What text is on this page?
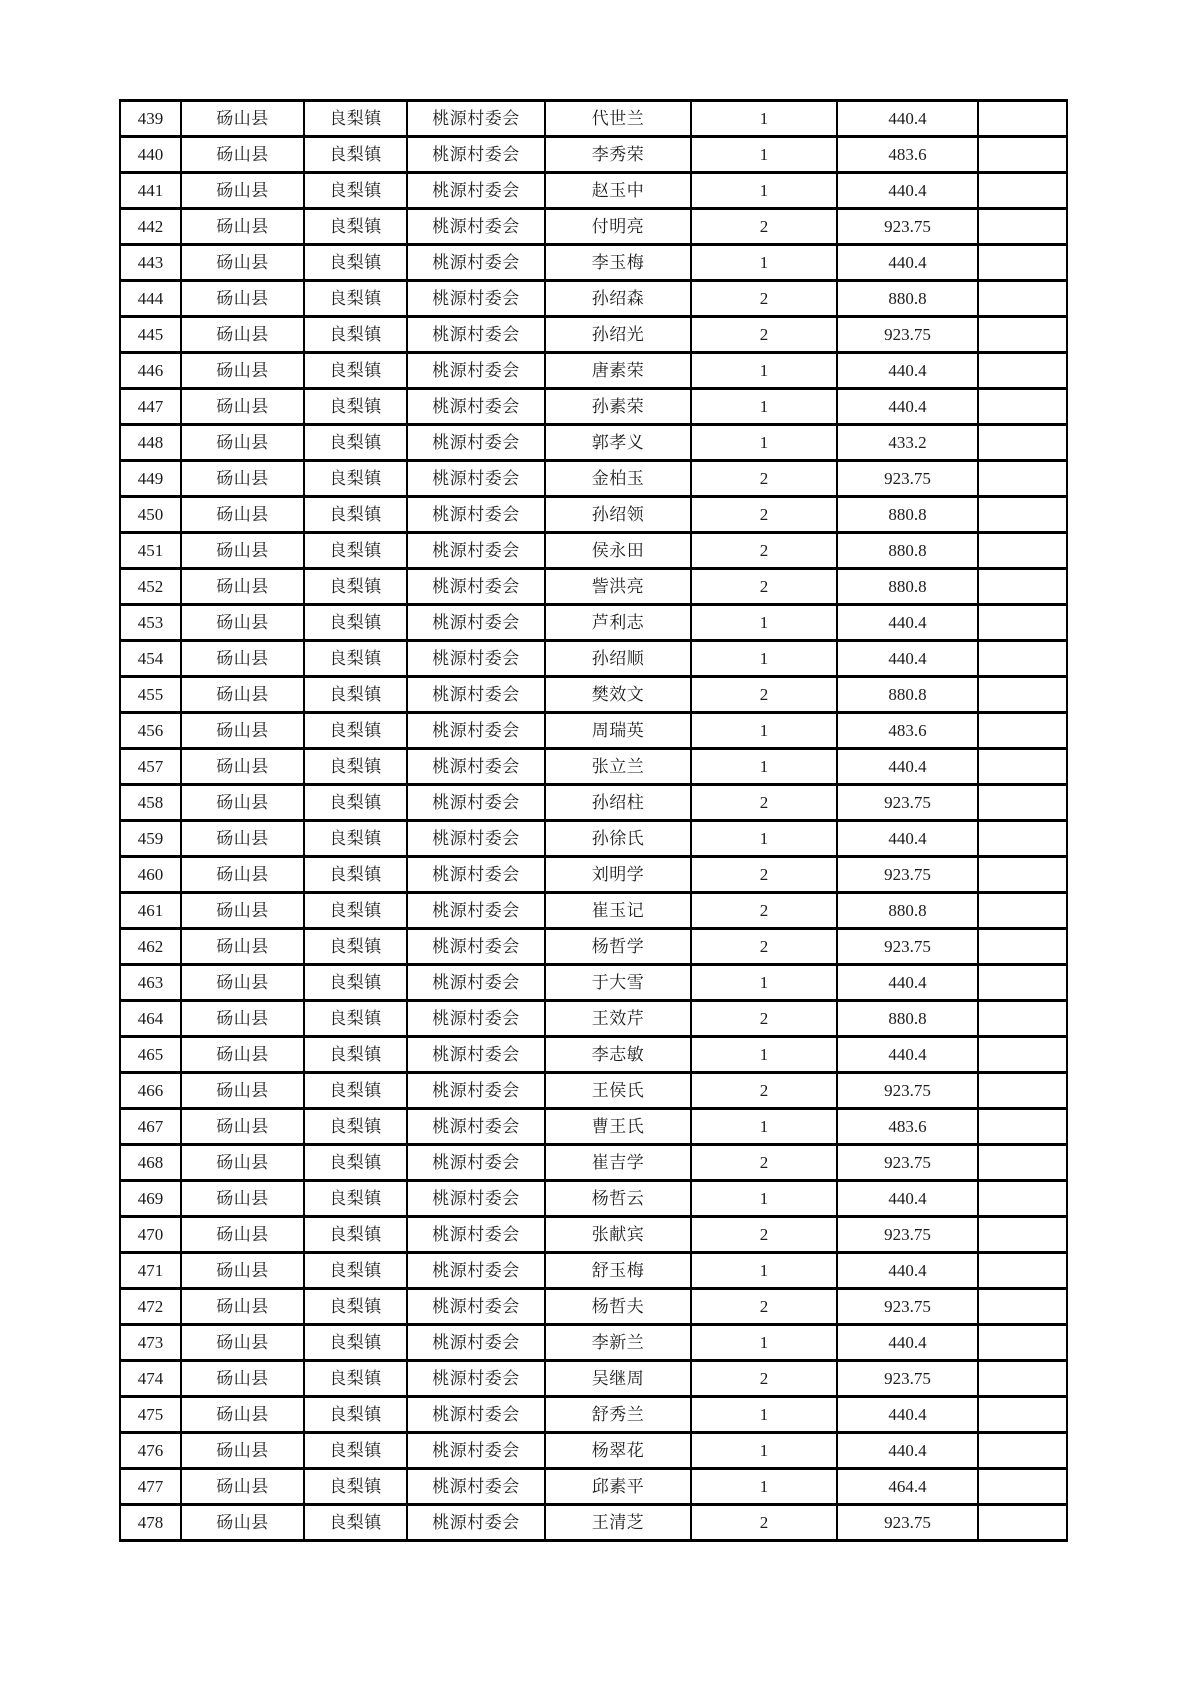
439	砀山县	良梨镇	桃源村委会	代世兰	1	440.4	
440	砀山县	良梨镇	桃源村委会	李秀荣	1	483.6	
441	砀山县	良梨镇	桃源村委会	赵玉中	1	440.4	
442	砀山县	良梨镇	桃源村委会	付明亮	2	923.75	
443	砀山县	良梨镇	桃源村委会	李玉梅	1	440.4	
444	砀山县	良梨镇	桃源村委会	孙绍森	2	880.8	
445	砀山县	良梨镇	桃源村委会	孙绍光	2	923.75	
446	砀山县	良梨镇	桃源村委会	唐素荣	1	440.4	
447	砀山县	良梨镇	桃源村委会	孙素荣	1	440.4	
448	砀山县	良梨镇	桃源村委会	郭孝义	1	433.2	
449	砀山县	良梨镇	桃源村委会	金柏玉	2	923.75	
450	砀山县	良梨镇	桃源村委会	孙绍领	2	880.8	
451	砀山县	良梨镇	桃源村委会	侯永田	2	880.8	
452	砀山县	良梨镇	桃源村委会	訾洪亮	2	880.8	
453	砀山县	良梨镇	桃源村委会	芦利志	1	440.4	
454	砀山县	良梨镇	桃源村委会	孙绍顺	1	440.4	
455	砀山县	良梨镇	桃源村委会	樊效文	2	880.8	
456	砀山县	良梨镇	桃源村委会	周瑞英	1	483.6	
457	砀山县	良梨镇	桃源村委会	张立兰	1	440.4	
458	砀山县	良梨镇	桃源村委会	孙绍柱	2	923.75	
459	砀山县	良梨镇	桃源村委会	孙徐氏	1	440.4	
460	砀山县	良梨镇	桃源村委会	刘明学	2	923.75	
461	砀山县	良梨镇	桃源村委会	崔玉记	2	880.8	
462	砀山县	良梨镇	桃源村委会	杨哲学	2	923.75	
463	砀山县	良梨镇	桃源村委会	于大雪	1	440.4	
464	砀山县	良梨镇	桃源村委会	王效芹	2	880.8	
465	砀山县	良梨镇	桃源村委会	李志敏	1	440.4	
466	砀山县	良梨镇	桃源村委会	王侯氏	2	923.75	
467	砀山县	良梨镇	桃源村委会	曹王氏	1	483.6	
468	砀山县	良梨镇	桃源村委会	崔吉学	2	923.75	
469	砀山县	良梨镇	桃源村委会	杨哲云	1	440.4	
470	砀山县	良梨镇	桃源村委会	张献宾	2	923.75	
471	砀山县	良梨镇	桃源村委会	舒玉梅	1	440.4	
472	砀山县	良梨镇	桃源村委会	杨哲夫	2	923.75	
473	砀山县	良梨镇	桃源村委会	李新兰	1	440.4	
474	砀山县	良梨镇	桃源村委会	吴继周	2	923.75	
475	砀山县	良梨镇	桃源村委会	舒秀兰	1	440.4	
476	砀山县	良梨镇	桃源村委会	杨翠花	1	440.4	
477	砀山县	良梨镇	桃源村委会	邱素平	1	464.4	
478	砀山县	良梨镇	桃源村委会	王清芝	2	923.75	
